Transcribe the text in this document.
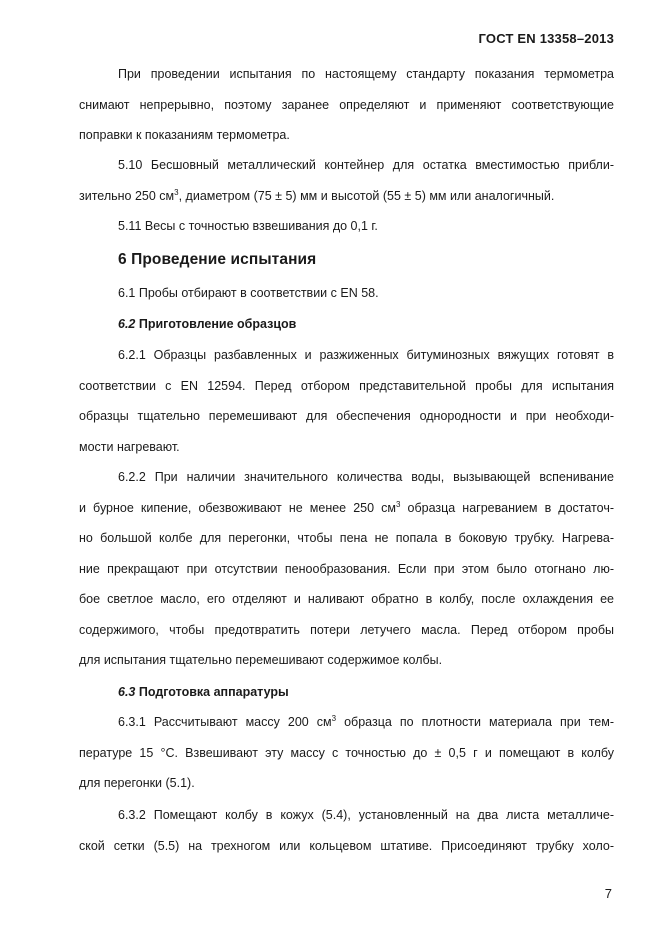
ГОСТ EN 13358–2013

При проведении испытания по настоящему стандарту показания термометра
снимают непрерывно, поэтому заранее определяют и применяют соответствующие
поправки к показаниям термометра.

5.10 Бесшовный металлический контейнер для остатка вместимостью прибли-
зительно 250 $см^3$, диаметром (75 ± 5) мм и высотой (55 ± 5) мм или аналогичный.

5.11 Весы с точностью взвешивания до 0,1 г.

6 Проведение испытания

6.1 Пробы отбирают в соответствии с EN 58.

6.2 Приготовление образцов

6.2.1 Образцы разбавленных и разжиженных битуминозных вяжущих готовят в
соответствии с EN 12594. Перед отбором представительной пробы для испытания
образцы тщательно перемешивают для обеспечения однородности и при необходи-
мости нагревают.

6.2.2 При наличии значительного количества воды, вызывающей вспенивание
и бурное кипение, обезвоживают не менее 250 $см^3$ образца нагреванием в достаточ-
но большой колбе для перегонки, чтобы пена не попала в боковую трубку. Нагрева-
ние прекращают при отсутствии пенообразования. Если при этом было отогнано лю-
бое светлое масло, его отделяют и наливают обратно в колбу, после охлаждения ее
содержимого, чтобы предотвратить потери летучего масла. Перед отбором пробы
для испытания тщательно перемешивают содержимое колбы.

6.3 Подготовка аппаратуры

6.3.1 Рассчитывают массу 200 $см^3$ образца по плотности материала при тем-
пературе 15 °C. Взвешивают эту массу с точностью до ± 0,5 г и помещают в колбу
для перегонки (5.1).

6.3.2 Помещают колбу в кожух (5.4), установленный на два листа металличе-
ской сетки (5.5) на трехногом или кольцевом штативе. Присоединяют трубку холо-

7
